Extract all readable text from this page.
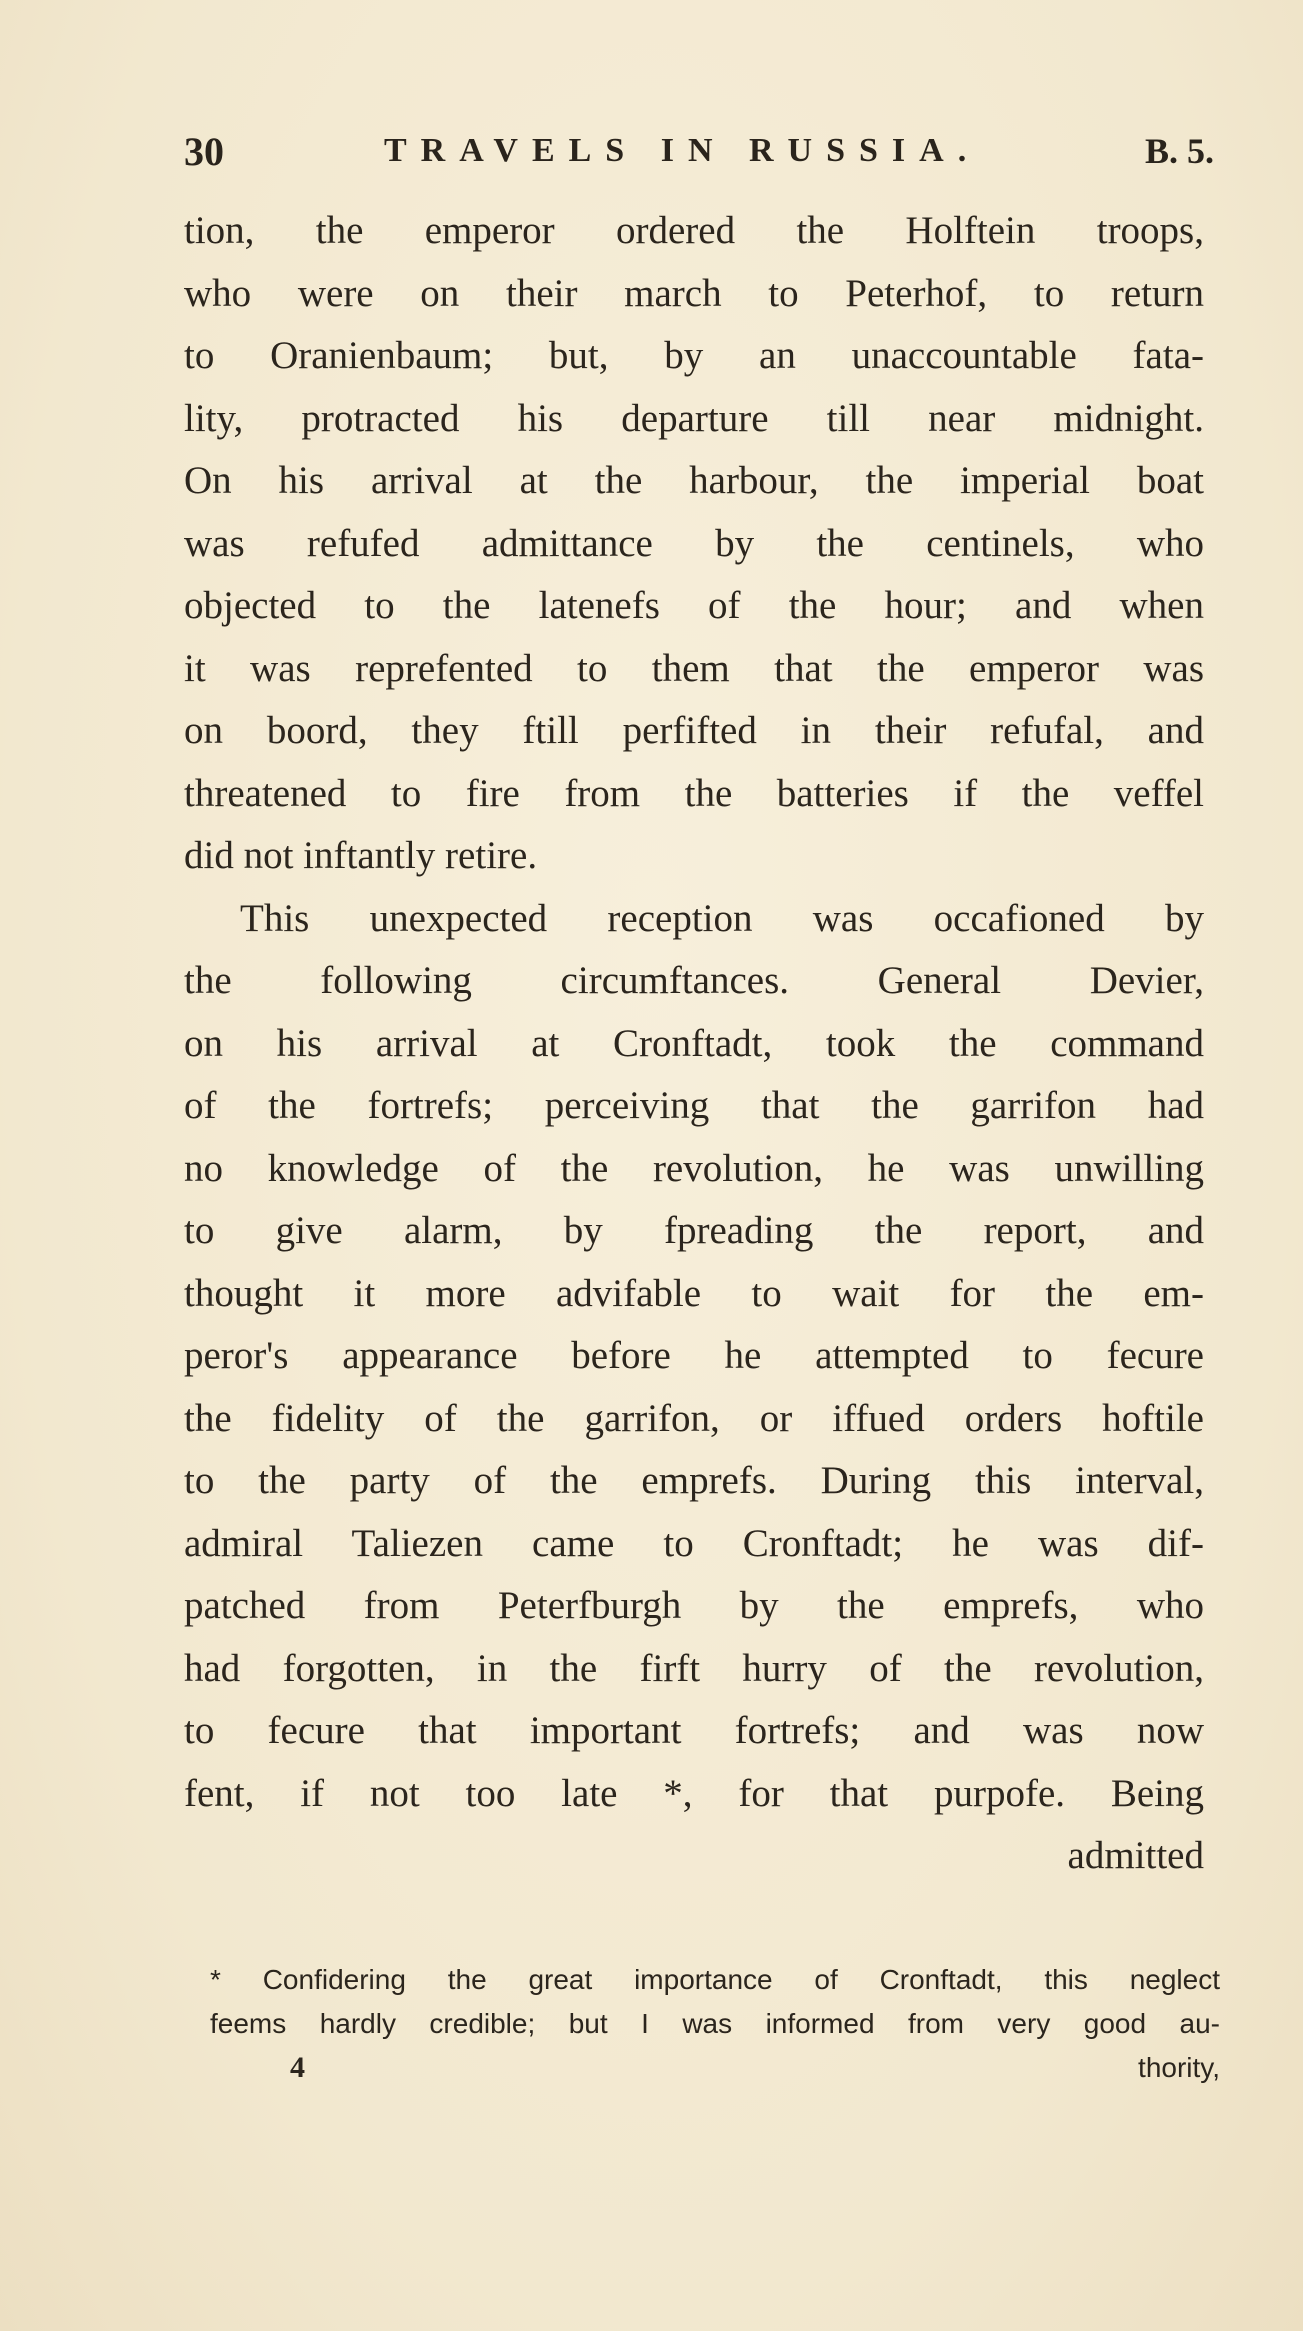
30	TRAVELS IN RUSSIA.	B. 5.
tion, the emperor ordered the Holftein troops,
who were on their march to Peterhof, to return
to Oranienbaum; but, by an unaccountable fata-
lity, protracted his departure till near midnight.
On his arrival at the harbour, the imperial boat
was refufed admittance by the centinels, who
objected to the latenefs of the hour; and when
it was reprefented to them that the emperor was
on boord, they ftill perfifted in their refufal, and
threatened to fire from the batteries if the veffel
did not inftantly retire.
This unexpected reception was occafioned by
the following circumftances. General Devier,
on his arrival at Cronftadt, took the command
of the fortrefs; perceiving that the garrifon had
no knowledge of the revolution, he was unwilling
to give alarm, by fpreading the report, and
thought it more advifable to wait for the em-
peror's appearance before he attempted to fecure
the fidelity of the garrifon, or iffued orders hoftile
to the party of the emprefs. During this interval,
admiral Taliezen came to Cronftadt; he was dif-
patched from Peterfburgh by the emprefs, who
had forgotten, in the firft hurry of the revolution,
to fecure that important fortrefs; and was now
fent, if not too late *, for that purpofe. Being
admitted
* Confidering the great importance of Cronftadt, this neglect
feems hardly credible; but I was informed from very good au-
4	thority,
